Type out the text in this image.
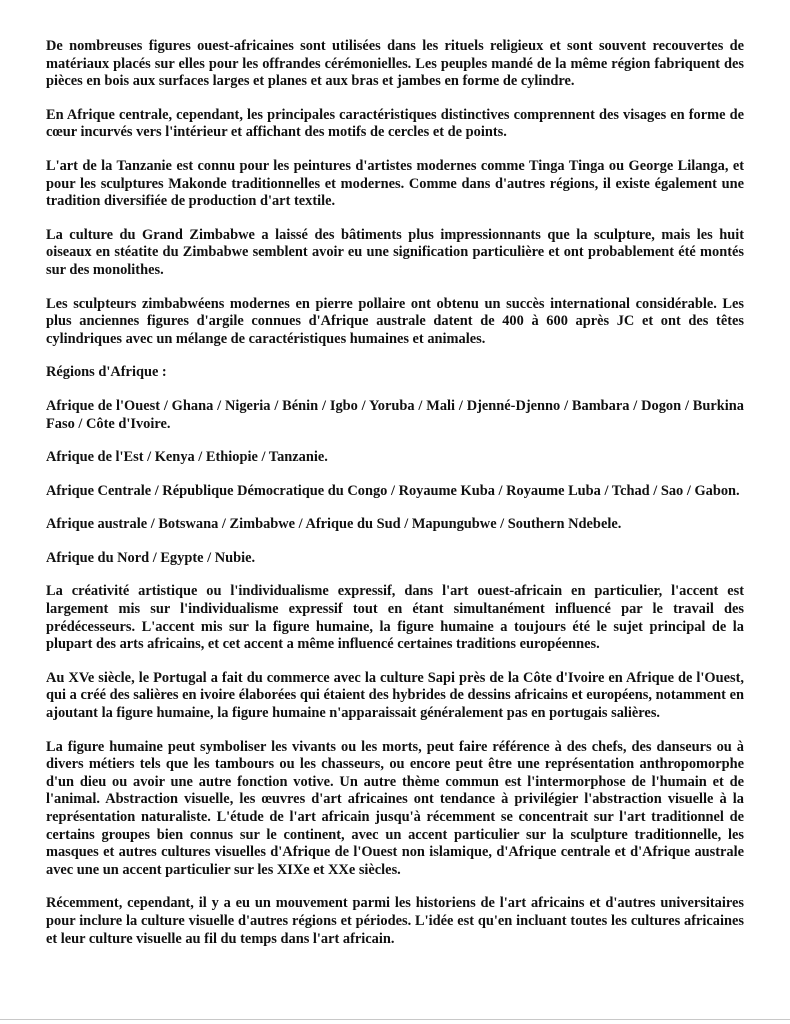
De nombreuses figures ouest-africaines sont utilisées dans les rituels religieux et sont souvent recouvertes de matériaux placés sur elles pour les offrandes cérémonielles. Les peuples mandé de la même région fabriquent des pièces en bois aux surfaces larges et planes et aux bras et jambes en forme de cylindre.

En Afrique centrale, cependant, les principales caractéristiques distinctives comprennent des visages en forme de cœur incurvés vers l'intérieur et affichant des motifs de cercles et de points.

L'art de la Tanzanie est connu pour les peintures d'artistes modernes comme Tinga Tinga ou George Lilanga, et pour les sculptures Makonde traditionnelles et modernes. Comme dans d'autres régions, il existe également une tradition diversifiée de production d'art textile.

La culture du Grand Zimbabwe a laissé des bâtiments plus impressionnants que la sculpture, mais les huit oiseaux en stéatite du Zimbabwe semblent avoir eu une signification particulière et ont probablement été montés sur des monolithes.

Les sculpteurs zimbabwéens modernes en pierre pollaire ont obtenu un succès international considérable. Les plus anciennes figures d'argile connues d'Afrique australe datent de 400 à 600 après JC et ont des têtes cylindriques avec un mélange de caractéristiques humaines et animales.

Régions d'Afrique :

Afrique de l'Ouest / Ghana / Nigeria / Bénin / Igbo / Yoruba / Mali / Djenné-Djenno / Bambara / Dogon / Burkina Faso / Côte d'Ivoire.

Afrique de l'Est / Kenya / Ethiopie / Tanzanie.

Afrique Centrale / République Démocratique du Congo / Royaume Kuba / Royaume Luba / Tchad / Sao / Gabon.

Afrique australe / Botswana / Zimbabwe / Afrique du Sud / Mapungubwe / Southern Ndebele.

Afrique du Nord / Egypte / Nubie.

La créativité artistique ou l'individualisme expressif, dans l'art ouest-africain en particulier, l'accent est largement mis sur l'individualisme expressif tout en étant simultanément influencé par le travail des prédécesseurs. L'accent mis sur la figure humaine, la figure humaine a toujours été le sujet principal de la plupart des arts africains, et cet accent a même influencé certaines traditions européennes.

Au XVe siècle, le Portugal a fait du commerce avec la culture Sapi près de la Côte d'Ivoire en Afrique de l'Ouest, qui a créé des salières en ivoire élaborées qui étaient des hybrides de dessins africains et européens, notamment en ajoutant la figure humaine, la figure humaine n'apparaissait généralement pas en portugais salières.

La figure humaine peut symboliser les vivants ou les morts, peut faire référence à des chefs, des danseurs ou à divers métiers tels que les tambours ou les chasseurs, ou encore peut être une représentation anthropomorphe d'un dieu ou avoir une autre fonction votive. Un autre thème commun est l'intermorphose de l'humain et de l'animal. Abstraction visuelle, les œuvres d'art africaines ont tendance à privilégier l'abstraction visuelle à la représentation naturaliste. L'étude de l'art africain jusqu'à récemment se concentrait sur l'art traditionnel de certains groupes bien connus sur le continent, avec un accent particulier sur la sculpture traditionnelle, les masques et autres cultures visuelles d'Afrique de l'Ouest non islamique, d'Afrique centrale et d'Afrique australe avec une un accent particulier sur les XIXe et XXe siècles.

Récemment, cependant, il y a eu un mouvement parmi les historiens de l'art africains et d'autres universitaires pour inclure la culture visuelle d'autres régions et périodes. L'idée est qu'en incluant toutes les cultures africaines et leur culture visuelle au fil du temps dans l'art africain.
